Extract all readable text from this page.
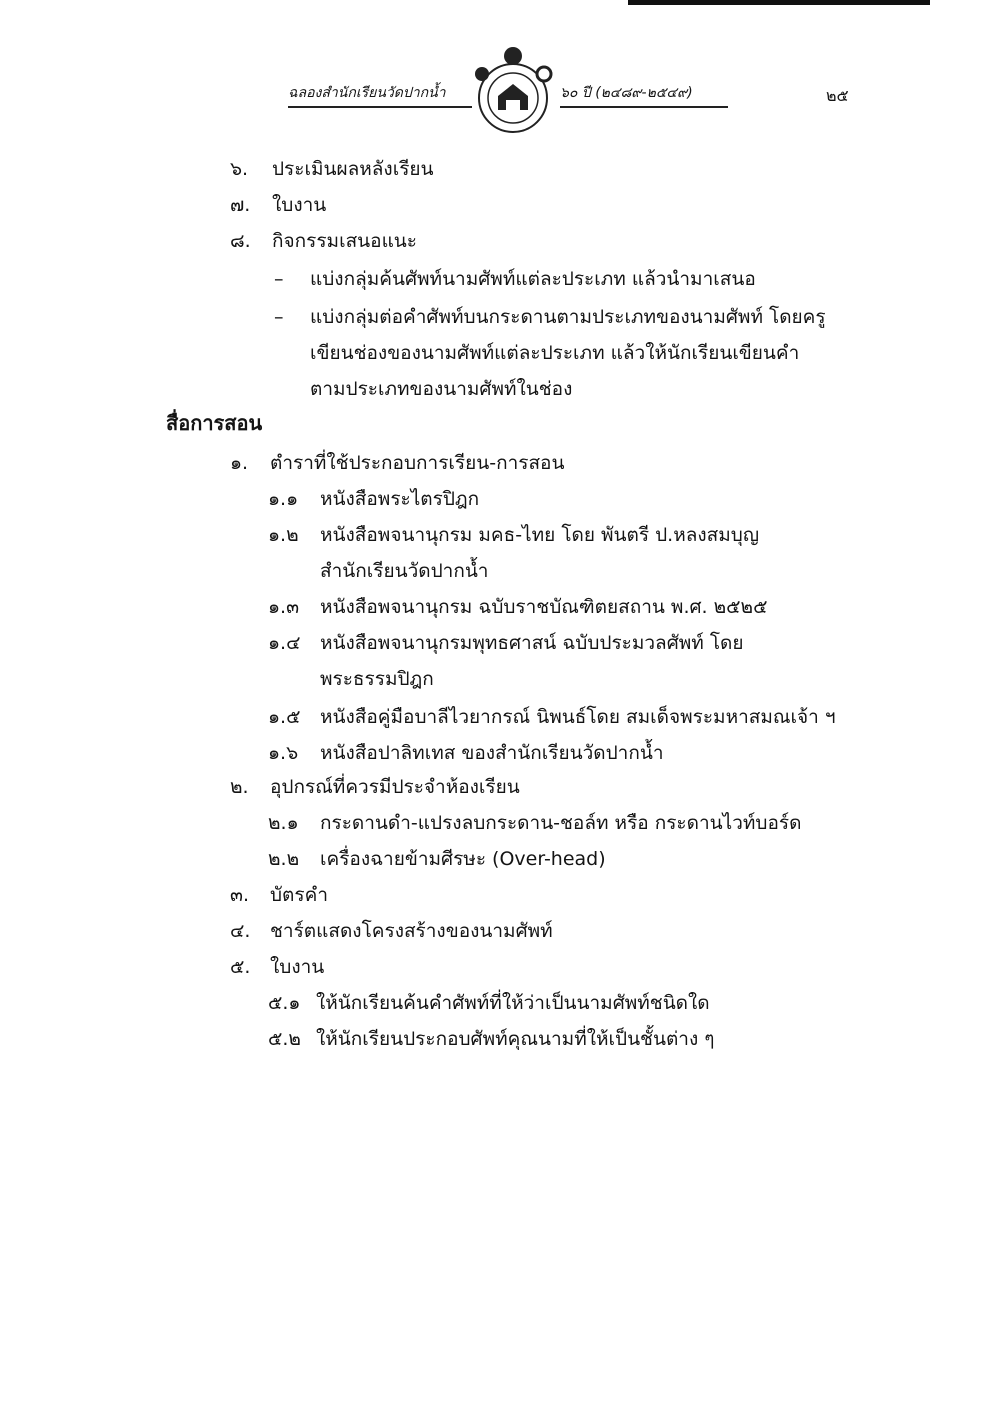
ฉลองสำนักเรียนวัดปากน้ำ	๖๐ ปี (๒๔๘๙-๒๕๔๙)	๒๕
๖. ประเมินผลหลังเรียน
๗. ใบงาน
๘. กิจกรรมเสนอแนะ
– แบ่งกลุ่มค้นศัพท์นามศัพท์แต่ละประเภท แล้วนำมาเสนอ
– แบ่งกลุ่มต่อคำศัพท์บนกระดานตามประเภทของนามศัพท์ โดยครู
เขียนช่องของนามศัพท์แต่ละประเภท แล้วให้นักเรียนเขียนคำ
ตามประเภทของนามศัพท์ในช่อง
สื่อการสอน
๑. ตำราที่ใช้ประกอบการเรียน-การสอน
๑.๑ หนังสือพระไตรปิฎก
๑.๒ หนังสือพจนานุกรม มคธ-ไทย โดย พันตรี ป.หลงสมบุญ
สำนักเรียนวัดปากน้ำ
๑.๓ หนังสือพจนานุกรม ฉบับราชบัณฑิตยสถาน พ.ศ. ๒๕๒๕
๑.๔ หนังสือพจนานุกรมพุทธศาสน์ ฉบับประมวลศัพท์ โดย
พระธรรมปิฎก
๑.๕ หนังสือคู่มือบาลีไวยากรณ์ นิพนธ์โดย สมเด็จพระมหาสมณเจ้า ฯ
๑.๖ หนังสือปาลิทเทส ของสำนักเรียนวัดปากน้ำ
๒. อุปกรณ์ที่ควรมีประจำห้องเรียน
๒.๑ กระดานดำ-แปรงลบกระดาน-ชอล์ท หรือ กระดานไวท์บอร์ด
๒.๒ เครื่องฉายข้ามศีรษะ (Over-head)
๓. บัตรคำ
๔. ชาร์ตแสดงโครงสร้างของนามศัพท์
๕. ใบงาน
๕.๑ ให้นักเรียนค้นคำศัพท์ที่ให้ว่าเป็นนามศัพท์ชนิดใด
๕.๒ ให้นักเรียนประกอบศัพท์คุณนามที่ให้เป็นชั้นต่าง ๆ
